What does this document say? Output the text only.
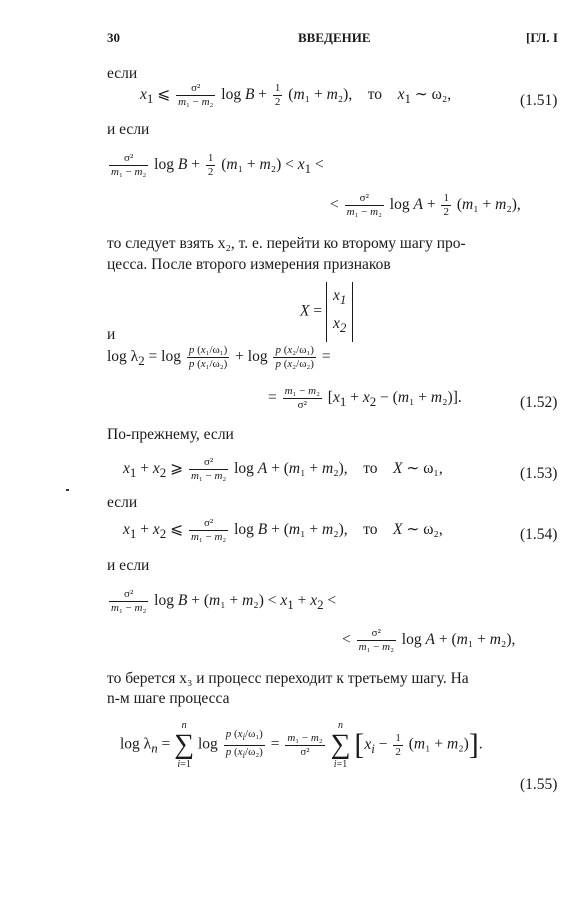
30	ВВЕДЕНИЕ	[ГЛ. I
если
$x_1$ ⩽ $\frac{\text{σ²}}{\text{m₁ − m₂}}$ $\log B + \frac{1}{2} (m_1 + m_2)$,    то $x_1$ ∼ ω₂,	(1.51)
и если
$\frac{\text{σ²}}{\text{m₁ − m₂}}$ $\log B + \frac{1}{2} (m_1 + m_2) < x_1$ <
< $\frac{\text{σ²}}{\text{m₁ − m₂}}$ $\log A + \frac{1}{2} (m_1 + m_2)$,
то следует взять x₂, т. е. перейти ко второму шагу про-
цесса. После второго измерения признаков
$X = x_1$
$x_2$
и
$\log \lambda_2 = \log \frac{\text{p (x₁/ω₁)}}{\text{p (x₁/ω₂)}} + \log \frac{\text{p (x₂/ω₁)}}{\text{p (x₂/ω₂)}}$ =
= $\frac{\text{m₁ − m₂}}{\text{σ²}} [x_1 + x_2 - (m_1 + m_2)]$.	(1.52)
По-прежнему, если
$x_1 + x_2$ ⩾ $\frac{\text{σ²}}{\text{m₁ − m₂}}$ log A + (m₁ + m₂),    то X ∼ ω₁,	(1.53)
если
$x_1 + x_2$ ⩽ $\frac{\text{σ²}}{\text{m₁ − m₂}}$ log B + (m₁ + m₂),    то X ∼ ω₂,	(1.54)
и если
$\frac{\text{σ²}}{\text{m₁ − m₂}}$ $\log B + (m_1 + m_2) < x_1 + x_2$ <
< $\frac{\text{σ²}}{\text{m₁ − m₂}}$ log A + (m₁ + m₂),
то берется x₃ и процесс переходит к третьему шагу. На
n-м шаге процесса
$\log \lambda_n$ =
n
∑
i=1
$\log \frac{p (x_i/\omega_1)}{p (x_i/\omega_2)} = \frac{\text{m₁ − m₂}}{\text{σ²}}$

n
∑
i=1
$[x_i - \frac{1}{2} (m_1 + m_2)]$.
(1.55)
